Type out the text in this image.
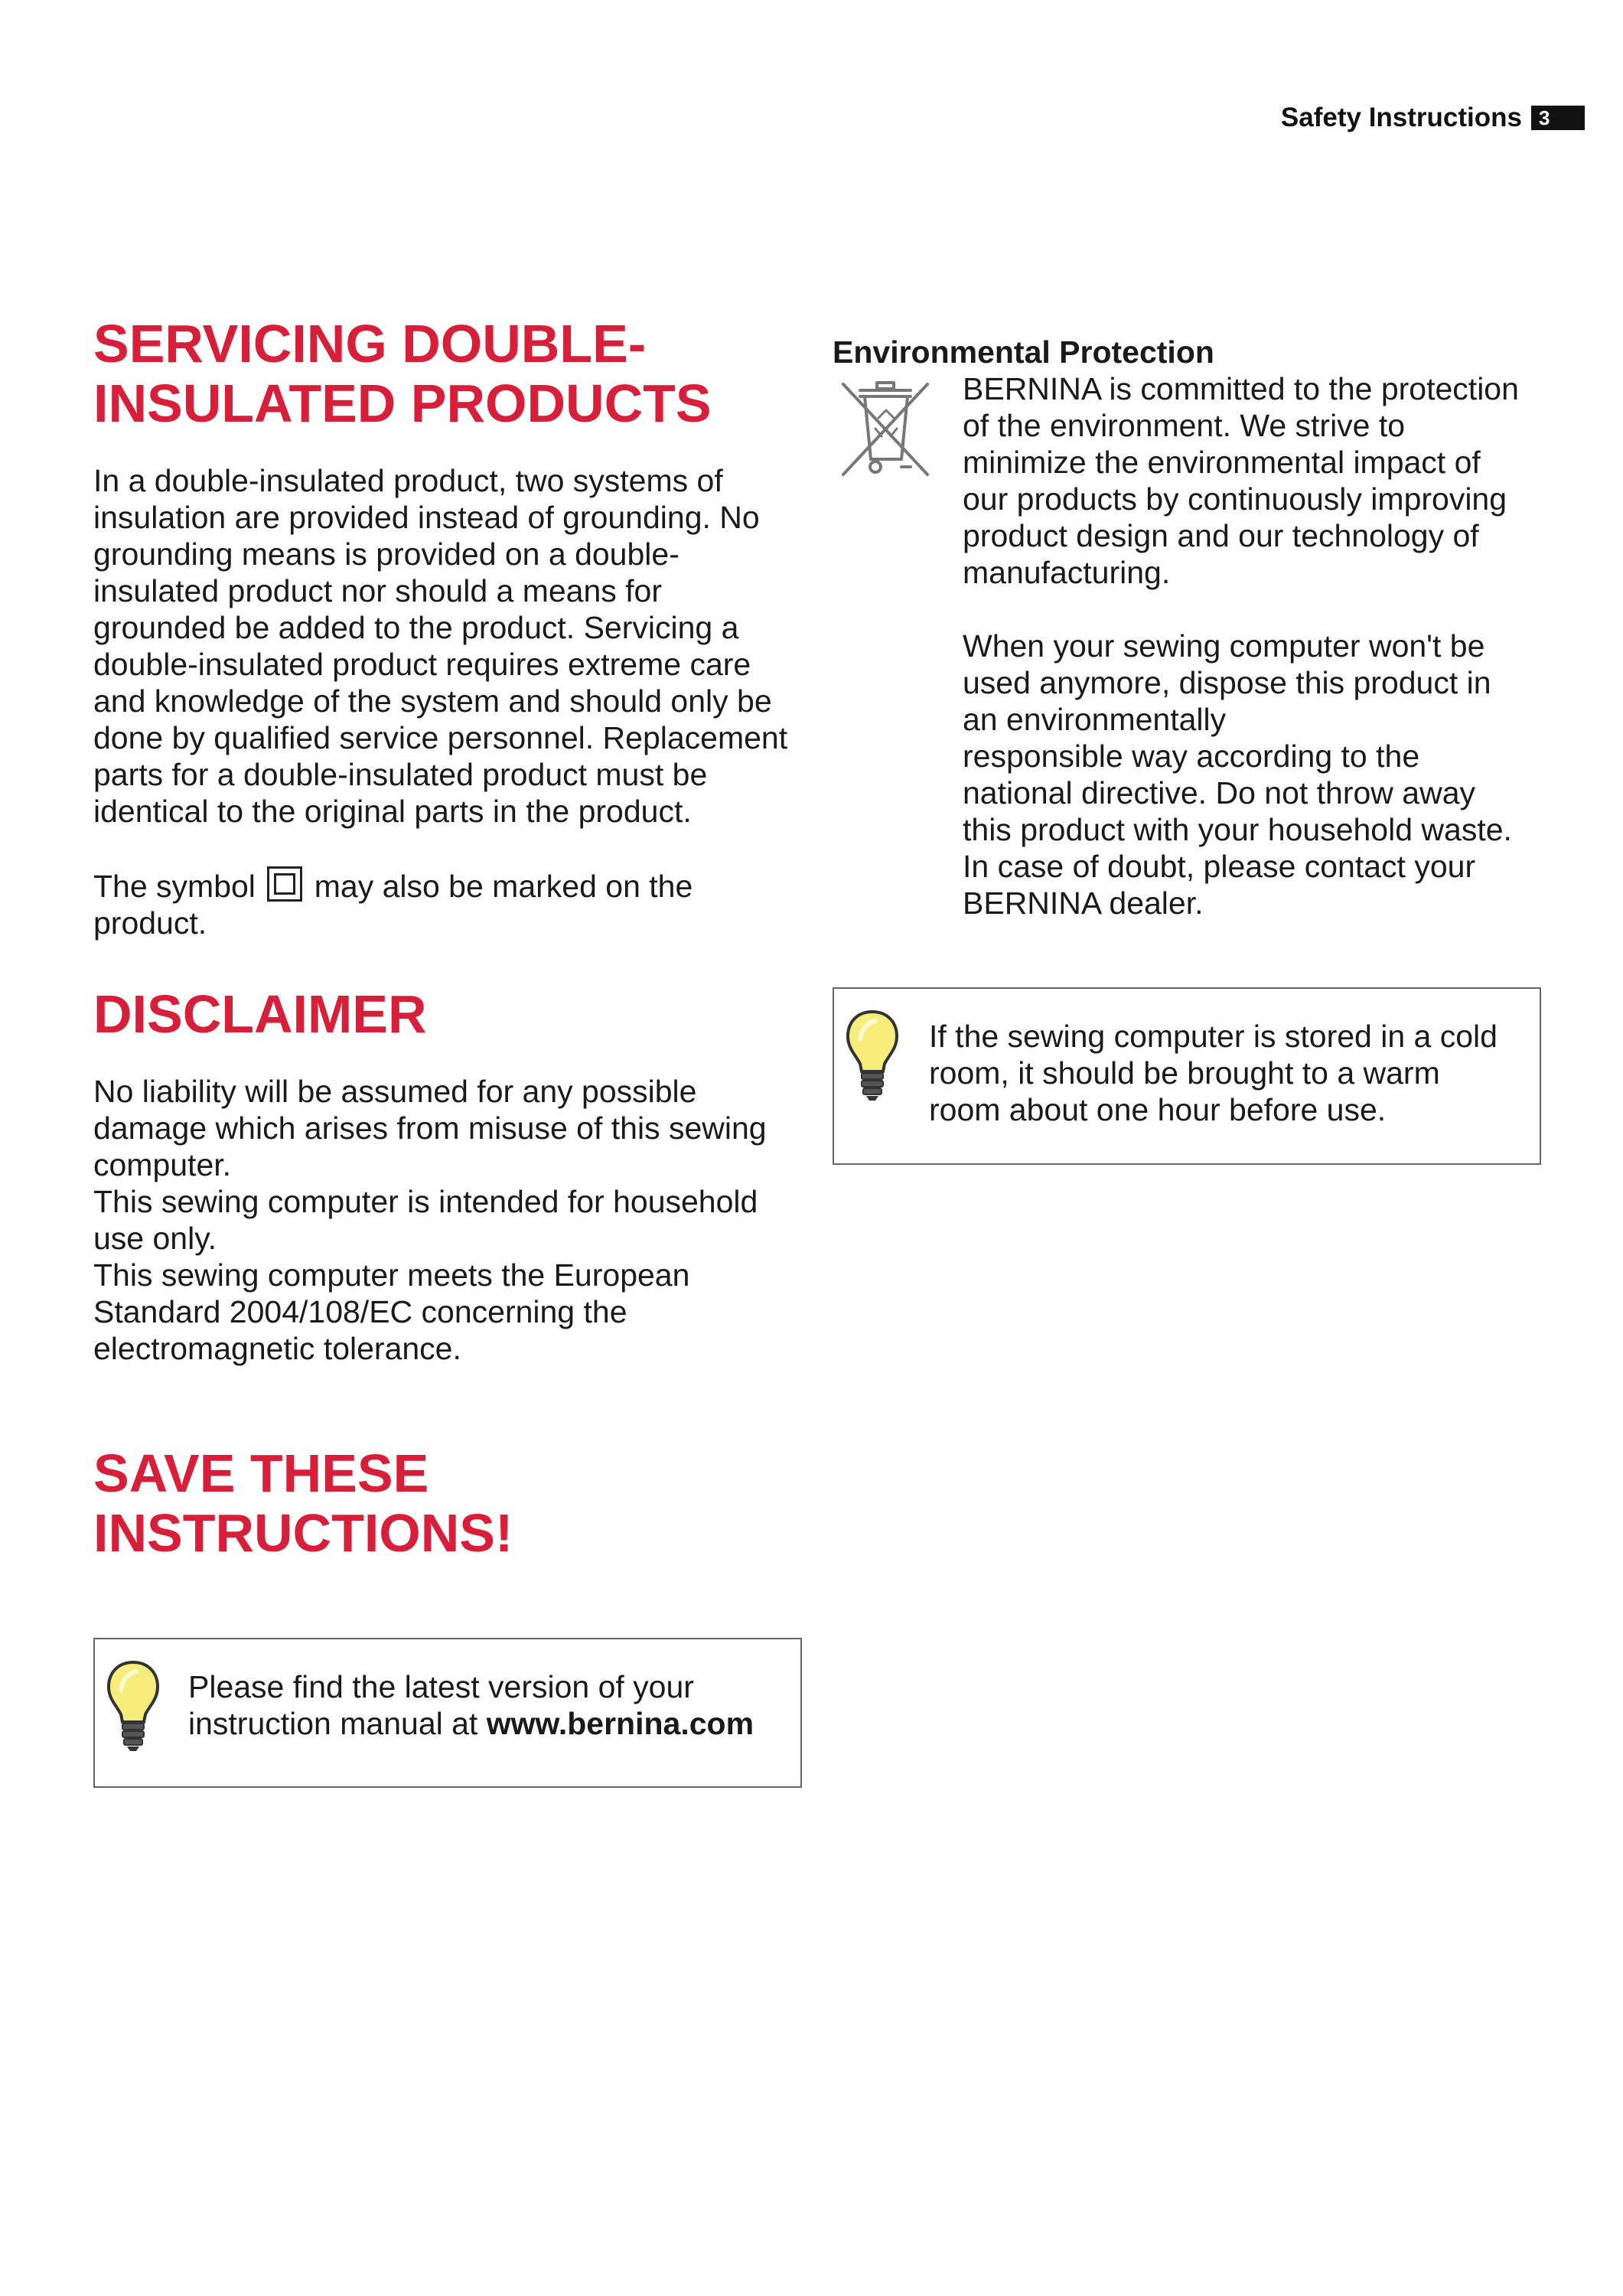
Safety Instructions 3
SERVICING DOUBLE-
INSULATED PRODUCTS

In a double-insulated product, two systems of
insulation are provided instead of grounding. No
grounding means is provided on a double-
insulated product nor should a means for
grounded be added to the product. Servicing a
double-insulated product requires extreme care
and knowledge of the system and should only be
done by qualified service personnel. Replacement
parts for a double-insulated product must be
identical to the original parts in the product.

The symbol may also be marked on the
product.

DISCLAIMER

No liability will be assumed for any possible
damage which arises from misuse of this sewing
computer.
This sewing computer is intended for household
use only.
This sewing computer meets the European
Standard 2004/108/EC concerning the
electromagnetic tolerance.

SAVE THESE
INSTRUCTIONS!
Please find the latest version of your
instruction manual at www.bernina.com

Environmental Protection

BERNINA is committed to the protection
of the environment. We strive to
minimize the environmental impact of
our products by continuously improving
product design and our technology of
manufacturing.

When your sewing computer won't be
used anymore, dispose this product in
an environmentally
responsible way according to the
national directive. Do not throw away
this product with your household waste.
In case of doubt, please contact your
BERNINA dealer.

If the sewing computer is stored in a cold
room, it should be brought to a warm
room about one hour before use.
